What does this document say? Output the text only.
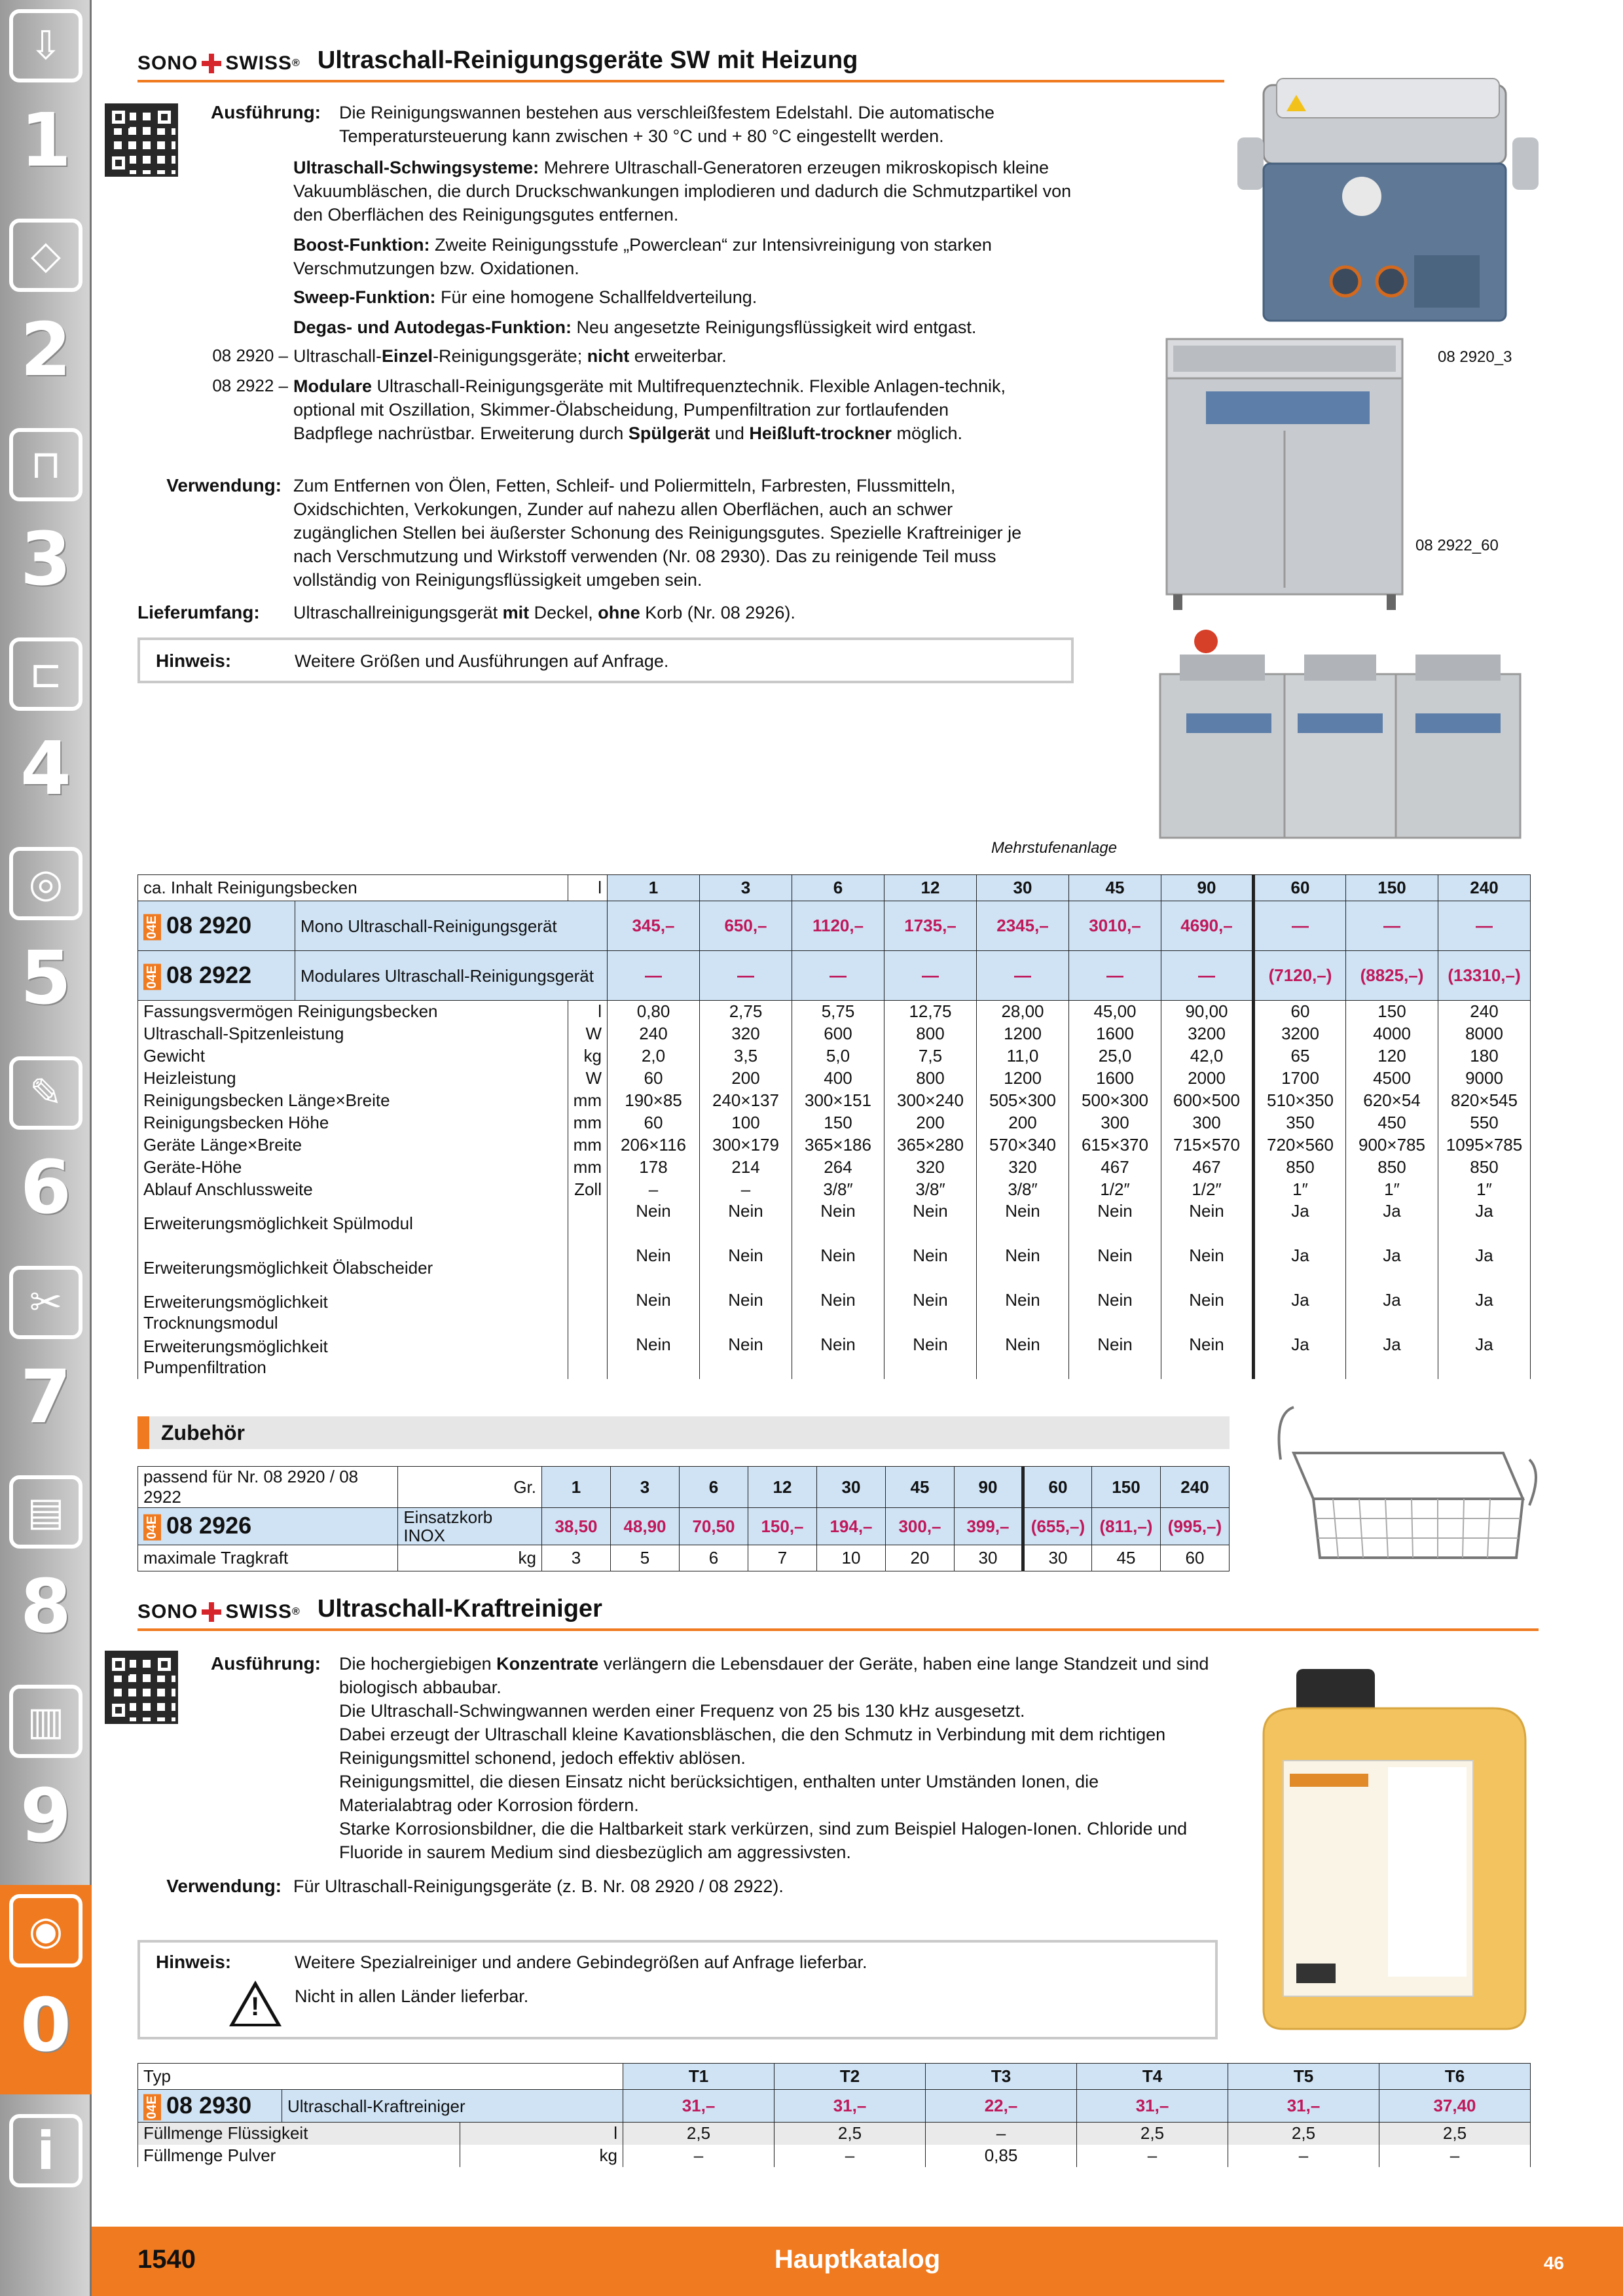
⇩
1
◇
2
⊓
3
⊏
4
◎
5
✎
6
✂
7
▤
8
▥
9
◉
0
i
SONO SWISS ® Ultraschall-Reinigungsgeräte SW mit Heizung
Ausführung: Die Reinigungswannen bestehen aus verschleißfestem Edelstahl. Die automatische Temperatursteuerung kann zwischen + 30 °C und + 80 °C eingestellt werden.
Ultraschall-Schwingsysteme: Mehrere Ultraschall-Generatoren erzeugen mikroskopisch kleine Vakuumbläschen, die durch Druckschwankungen implodieren und dadurch die Schmutzpartikel von den Oberflächen des Reinigungsgutes entfernen.
Boost-Funktion: Zweite Reinigungsstufe „Powerclean“ zur Intensivreinigung von starken Verschmutzungen bzw. Oxidationen.
Sweep-Funktion: Für eine homogene Schallfeldverteilung.
Degas- und Autodegas-Funktion: Neu angesetzte Reinigungsflüssigkeit wird entgast.
08 2920 – Ultraschall-Einzel-Reinigungsgeräte; nicht erweiterbar.
08 2922 – Modulare Ultraschall-Reinigungsgeräte mit Multifrequenztechnik. Flexible Anlagen-technik, optional mit Oszillation, Skimmer-Ölabscheidung, Pumpenfiltration zur fortlaufenden Badpflege nachrüstbar. Erweiterung durch Spülgerät und Heißluft-trockner möglich.
Verwendung: Zum Entfernen von Ölen, Fetten, Schleif- und Poliermitteln, Farbresten, Flussmitteln, Oxidschichten, Verkokungen, Zunder auf nahezu allen Oberflächen, auch an schwer zugänglichen Stellen bei äußerster Schonung des Reinigungsgutes. Spezielle Kraftreiniger je nach Verschmutzung und Wirkstoff verwenden (Nr. 08 2930). Das zu reinigende Teil muss vollständig von Reinigungsflüssigkeit umgeben sein.
Lieferumfang:	Ultraschallreinigungsgerät mit Deckel, ohne Korb (Nr. 08 2926).
Hinweis:	Weitere Größen und Ausführungen auf Anfrage.
08 2920_3
08 2922_60
Mehrstufenanlage
ca. Inhalt Reinigungsbecken		l	1	3	6	12	30	45	90	60	150	240
04E 08 2920	Mono Ultraschall-Reinigungsgerät		345,–	650,–	1120,–	1735,–	2345,–	3010,–	4690,–	—	—	—
04E 08 2922	Modulares Ultraschall-Reinigungsgerät		—	—	—	—	—	—	—	(7120,–)	(8825,–)	(13310,–)
Fassungsvermögen Reinigungsbecken		l	0,80	2,75	5,75	12,75	28,00	45,00	90,00	60	150	240
Ultraschall-Spitzenleistung		W	240	320	600	800	1200	1600	3200	3200	4000	8000
Gewicht		kg	2,0	3,5	5,0	7,5	11,0	25,0	42,0	65	120	180
Heizleistung		W	60	200	400	800	1200	1600	2000	1700	4500	9000
Reinigungsbecken Länge×Breite		mm	190×85	240×137	300×151	300×240	505×300	500×300	600×500	510×350	620×54	820×545
Reinigungsbecken Höhe		mm	60	100	150	200	200	300	300	350	450	550
Geräte Länge×Breite		mm	206×116	300×179	365×186	365×280	570×340	615×370	715×570	720×560	900×785	1095×785
Geräte-Höhe		mm	178	214	264	320	320	467	467	850	850	850
Ablauf Anschlussweite		Zoll	–	–	3/8″	3/8″	3/8″	1/2″	1/2″	1″	1″	1″
Erweiterungsmöglichkeit Spülmodul			Nein	Nein	Nein	Nein	Nein	Nein	Nein	Ja	Ja	Ja
Erweiterungsmöglichkeit Ölabscheider			Nein	Nein	Nein	Nein	Nein	Nein	Nein	Ja	Ja	Ja
Erweiterungsmöglichkeit Trocknungsmodul			Nein	Nein	Nein	Nein	Nein	Nein	Nein	Ja	Ja	Ja
Erweiterungsmöglichkeit Pumpenfiltration			Nein	Nein	Nein	Nein	Nein	Nein	Nein	Ja	Ja	Ja
Zubehör
passend für Nr. 08 2920 / 08 2922	Gr.	1	3	6	12	30	45	90	60	150	240
04E 08 2926	Einsatzkorb INOX	38,50	48,90	70,50	150,–	194,–	300,–	399,–	(655,–)	(811,–)	(995,–)
maximale Tragkraft	kg	3	5	6	7	10	20	30	30	45	60
SONO SWISS ® Ultraschall-Kraftreiniger
Ausführung: Die hochergiebigen Konzentrate verlängern die Lebensdauer der Geräte, haben eine lange Standzeit und sind biologisch abbaubar.
Die Ultraschall-Schwingwannen werden einer Frequenz von 25 bis 130 kHz ausgesetzt.
Dabei erzeugt der Ultraschall kleine Kavationsbläschen, die den Schmutz in Verbindung mit dem richtigen Reinigungsmittel schonend, jedoch effektiv ablösen.
Reinigungsmittel, die diesen Einsatz nicht berücksichtigen, enthalten unter Umständen Ionen, die Materialabtrag oder Korrosion fördern.
Starke Korrosionsbildner, die die Haltbarkeit stark verkürzen, sind zum Beispiel Halogen-Ionen. Chloride und Fluoride in saurem Medium sind diesbezüglich am aggressivsten.
Verwendung: Für Ultraschall-Reinigungsgeräte (z. B. Nr. 08 2920 / 08 2922).
Hinweis:	Weitere Spezialreiniger und andere Gebindegrößen auf Anfrage lieferbar.
! Nicht in allen Länder lieferbar.
Typ			T1	T2	T3	T4	T5	T6
04E 08 2930	Ultraschall-Kraftreiniger		31,–	31,–	22,–	31,–	31,–	37,40
Füllmenge Flüssigkeit		l	2,5	2,5	–	2,5	2,5	2,5
Füllmenge Pulver		kg	–	–	0,85	–	–	–
1540	Hauptkatalog	46
